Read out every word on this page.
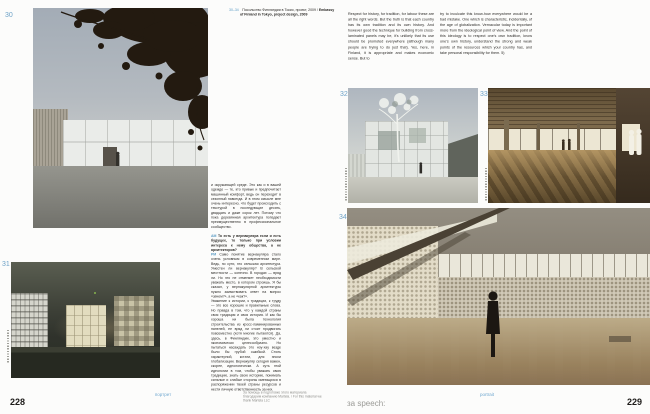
30
30–34 Посольство Финляндии в Токио, проект, 2009 / Embassy of Finland in Tokyo, project design, 2009

и окружающей среде. Это как и в вашей одежде — те, кто привык и предпочитает машинный комфорт, ведь он переходит в сезонный навсегда. И в этом смысле мне очень интересно, что будет происходить с текстурой в последующие десять, двадцать и даже сорок лет. Потому что пока деревянная архитектура попадает преимущественно в профессиональное сообщество.

АМ То есть у вернакуляра если и есть будущее, то только при условии интереса к нему общества, а не архитекторов?

РМ Само понятие вернакуляра стало очень условным в современном мире. Ведь, по сути, это сельская архитектура. Уместен ли вернакуляр? В сельской местности — конечно. В городах — вряд ли. Но это не отменяет необходимости уважать место, в котором строишь. Я бы сказал, у вернакулярной архитектуры нужно заимствовать ответ на вопрос «зачем?», а не «как?».

Уважение к истории, к традиции, к труду — это все хорошие и правильные слова. Но правда в том, что у каждой страны своя традиция и своя история. И как бы хороша ни была технология строительства из кросс-ламинированных панелей, ее вряд ли стоит продвигать повсеместно (хотя многие пытаются). Да, здесь, в Финляндии, это уместно и экономически целесообразно. Но пытаться насаждать это ноу-хау везде было бы грубой ошибкой. Столь характерной, кстати, для эпохи глобализации. Вернакуляр сегодня важен, скорее, идеологически. А суть этой идеологии в том, чтобы уважать свою традицию, знать свою историю, понимать сильные и слабые стороны имеющихся в распоряжении твоей страны ресурсов и нести личную ответственность за них.

31
228
портрет	За помощь в подготовке этого материала благодарим компанию Martela. / For this material we thank Martela LLC

Respect for history, for tradition, for labour these are all the right words. But the truth is that each country has its own tradition and its own history. And however good the technique for building from cross-laminated panels may be, it's unlikely that its use should be promoted everywhere (although many people are trying to do just that). Yes, here, in Finland, it is appropriate and makes economic sense. But to

try to inculcate this know-how everywhere would be a bad mistake. One which is characteristic, incidentally, of the age of globalization. Vernacular today is important more from the ideological point of view. And the point of this ideology is to respect one's own tradition, know one's own history, understand the strong and weak points of the resources which your country has, and take personal responsibility for them. 5)

32	33
34
за speech:
portrait
229
